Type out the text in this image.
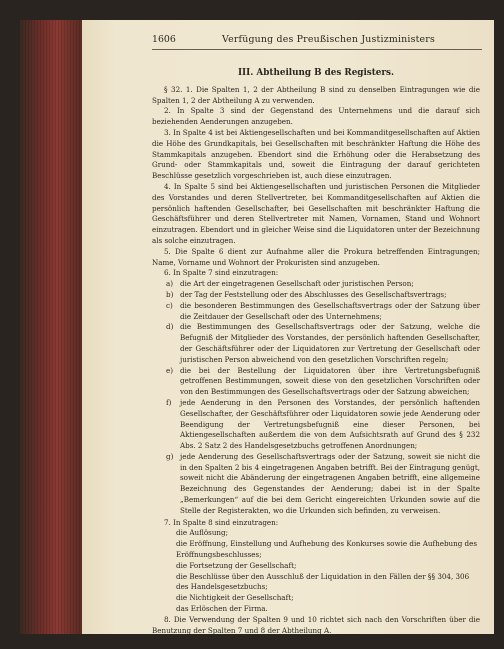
1606	Verfügung des Preußischen Justizministers
III. Abtheilung B des Registers.

§ 32. 1. Die Spalten 1, 2 der Abtheilung B sind zu denselben Eintragungen wie die Spalten 1, 2 der Abtheilung A zu verwenden.

2. In Spalte 3 sind der Gegenstand des Unternehmens und die darauf sich beziehenden Aenderungen anzugeben.

3. In Spalte 4 ist bei Aktiengesellschaften und bei Kommanditgesellschaften auf Aktien die Höhe des Grundkapitals, bei Gesellschaften mit beschränkter Haftung die Höhe des Stammkapitals anzugeben. Ebendort sind die Erhöhung oder die Herabsetzung des Grund- oder Stammkapitals und, soweit die Eintragung der darauf gerichteten Beschlüsse gesetzlich vorgeschrieben ist, auch diese einzutragen.

4. In Spalte 5 sind bei Aktiengesellschaften und juristischen Personen die Mitglieder des Vorstandes und deren Stellvertreter, bei Kommanditgesellschaften auf Aktien die persönlich haftenden Gesellschafter, bei Gesellschaften mit beschränkter Haftung die Geschäftsführer und deren Stellvertreter mit Namen, Vornamen, Stand und Wohnort einzutragen. Ebendort und in gleicher Weise sind die Liquidatoren unter der Bezeichnung als solche einzutragen.

5. Die Spalte 6 dient zur Aufnahme aller die Prokura betreffenden Eintragungen; Name, Vorname und Wohnort der Prokuristen sind anzugeben.

6. In Spalte 7 sind einzutragen:

a) die Art der eingetragenen Gesellschaft oder juristischen Person;
b) der Tag der Feststellung oder des Abschlusses des Gesellschaftsvertrags;
c)	die besonderen Bestimmungen des Gesellschaftsvertrags oder der Satzung über die Zeitdauer der Gesellschaft oder des Unternehmens;
d) die Bestimmungen des Gesellschaftsvertrags oder der Satzung, welche die Befugniß der Mitglieder des Vorstandes, der persönlich haftenden Gesellschafter, der Geschäftsführer oder der Liquidatoren zur Vertretung der Gesellschaft oder juristischen Person abweichend von den gesetzlichen Vorschriften regeln;
e) die bei der Bestellung der Liquidatoren über ihre Vertretungsbefugniß getroffenen Bestimmungen, soweit diese von den gesetzlichen Vorschriften oder von den Bestimmungen des Gesellschaftsvertrags oder der Satzung abweichen;
f)	jede Aenderung in den Personen des Vorstandes, der persönlich haftenden Gesellschafter, der Geschäftsführer oder Liquidatoren sowie jede Aenderung oder Beendigung der Vertretungsbefugniß eine dieser Personen, bei Aktiengesellschaften außerdem die von dem Aufsichtsrath auf Grund des § 232 Abs. 2 Satz 2 des Handelsgesetzbuchs getroffenen Anordnungen;
g) jede Aenderung des Gesellschaftsvertrags oder der Satzung, soweit sie nicht die in den Spalten 2 bis 4 eingetragenen Angaben betrifft. Bei der Eintragung genügt, soweit nicht die Abänderung der eingetragenen Angaben betrifft, eine allgemeine Bezeichnung des Gegenstandes der Aenderung; dabei ist in der Spalte „Bemerkungen“ auf die bei dem Gericht eingereichten Urkunden sowie auf die Stelle der Registerakten, wo die Urkunden sich befinden, zu verweisen.

7. In Spalte 8 sind einzutragen:

die Auflösung;
die Eröffnung, Einstellung und Aufhebung des Konkurses sowie die Aufhebung des Eröffnungsbeschlusses;
die Fortsetzung der Gesellschaft;
die Beschlüsse über den Ausschluß der Liquidation in den Fällen der §§ 304, 306 des Handelsgesetzbuchs;
die Nichtigkeit der Gesellschaft;
das Erlöschen der Firma.

8. Die Verwendung der Spalten 9 und 10 richtet sich nach den Vorschriften über die Benutzung der Spalten 7 und 8 der Abtheilung A.
